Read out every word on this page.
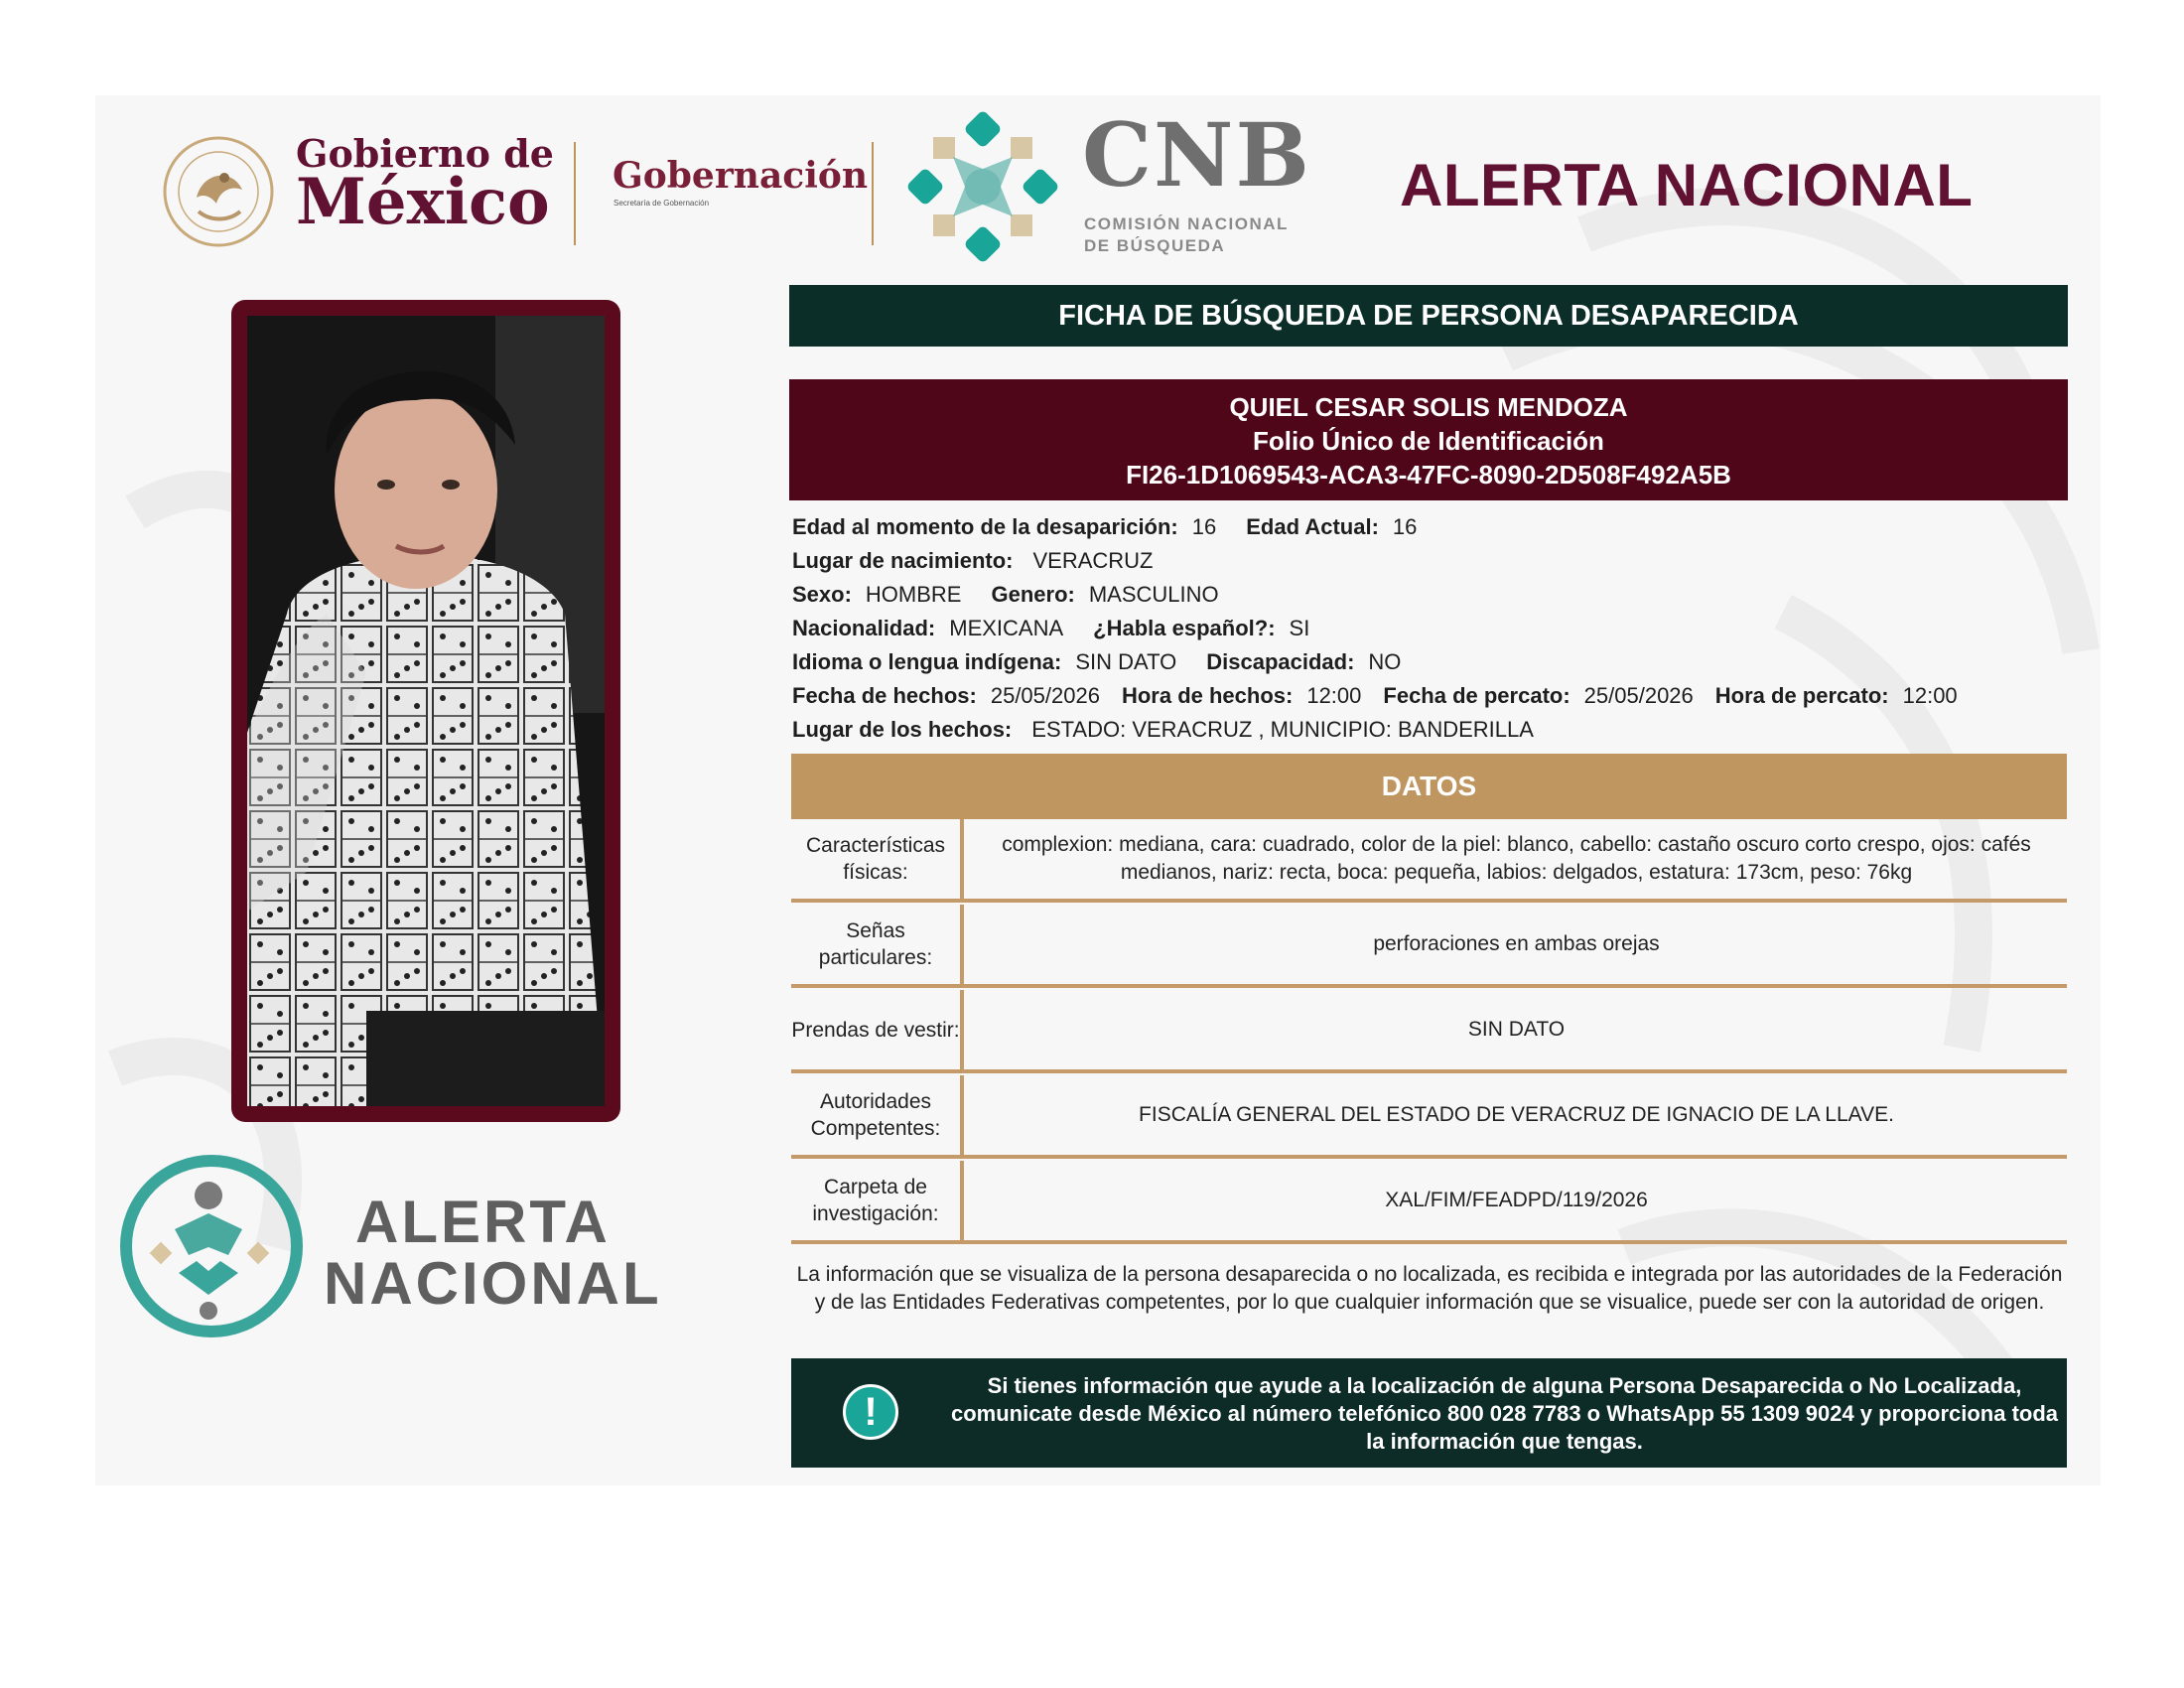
Gobierno de
México Gobernación
Secretaría de Gobernación	CNB
COMISIÓN NACIONAL
DE BÚSQUEDA
ALERTA NACIONAL
FICHA DE BÚSQUEDA DE PERSONA DESAPARECIDA
QUIEL CESAR SOLIS MENDOZA
Folio Único de Identificación
FI26-1D1069543-ACA3-47FC-8090-2D508F492A5B
Edad al momento de la desaparición: 16 Edad Actual: 16
Lugar de nacimiento: VERACRUZ
Sexo: HOMBRE Genero: MASCULINO
Nacionalidad: MEXICANA ¿Habla español?: SI
Idioma o lengua indígena: SIN DATO Discapacidad: NO
Fecha de hechos: 25/05/2026 Hora de hechos: 12:00 Fecha de percato: 25/05/2026 Hora de percato: 12:00
Lugar de los hechos: ESTADO: VERACRUZ , MUNICIPIO: BANDERILLA
DATOS
Características físicas:
complexion: mediana, cara: cuadrado, color de la piel: blanco, cabello: castaño oscuro corto crespo, ojos: cafés medianos, nariz: recta, boca: pequeña, labios: delgados, estatura: 173cm, peso: 76kg
Señas particulares:
perforaciones en ambas orejas
Prendas de vestir:	SIN DATO
Autoridades Competentes:
FISCALÍA GENERAL DEL ESTADO DE VERACRUZ DE IGNACIO DE LA LLAVE.
Carpeta de investigación:
XAL/FIM/FEADPD/119/2026
La información que se visualiza de la persona desaparecida o no localizada, es recibida e integrada por las autoridades de la Federación y de las Entidades Federativas competentes, por lo que cualquier información que se visualice, puede ser con la autoridad de origen.
!
Si tienes información que ayude a la localización de alguna Persona Desaparecida o No Localizada, comunicate desde México al número telefónico 800 028 7783 o WhatsApp 55 1309 9024 y proporciona toda la información que tengas.
ALERTA
NACIONAL
